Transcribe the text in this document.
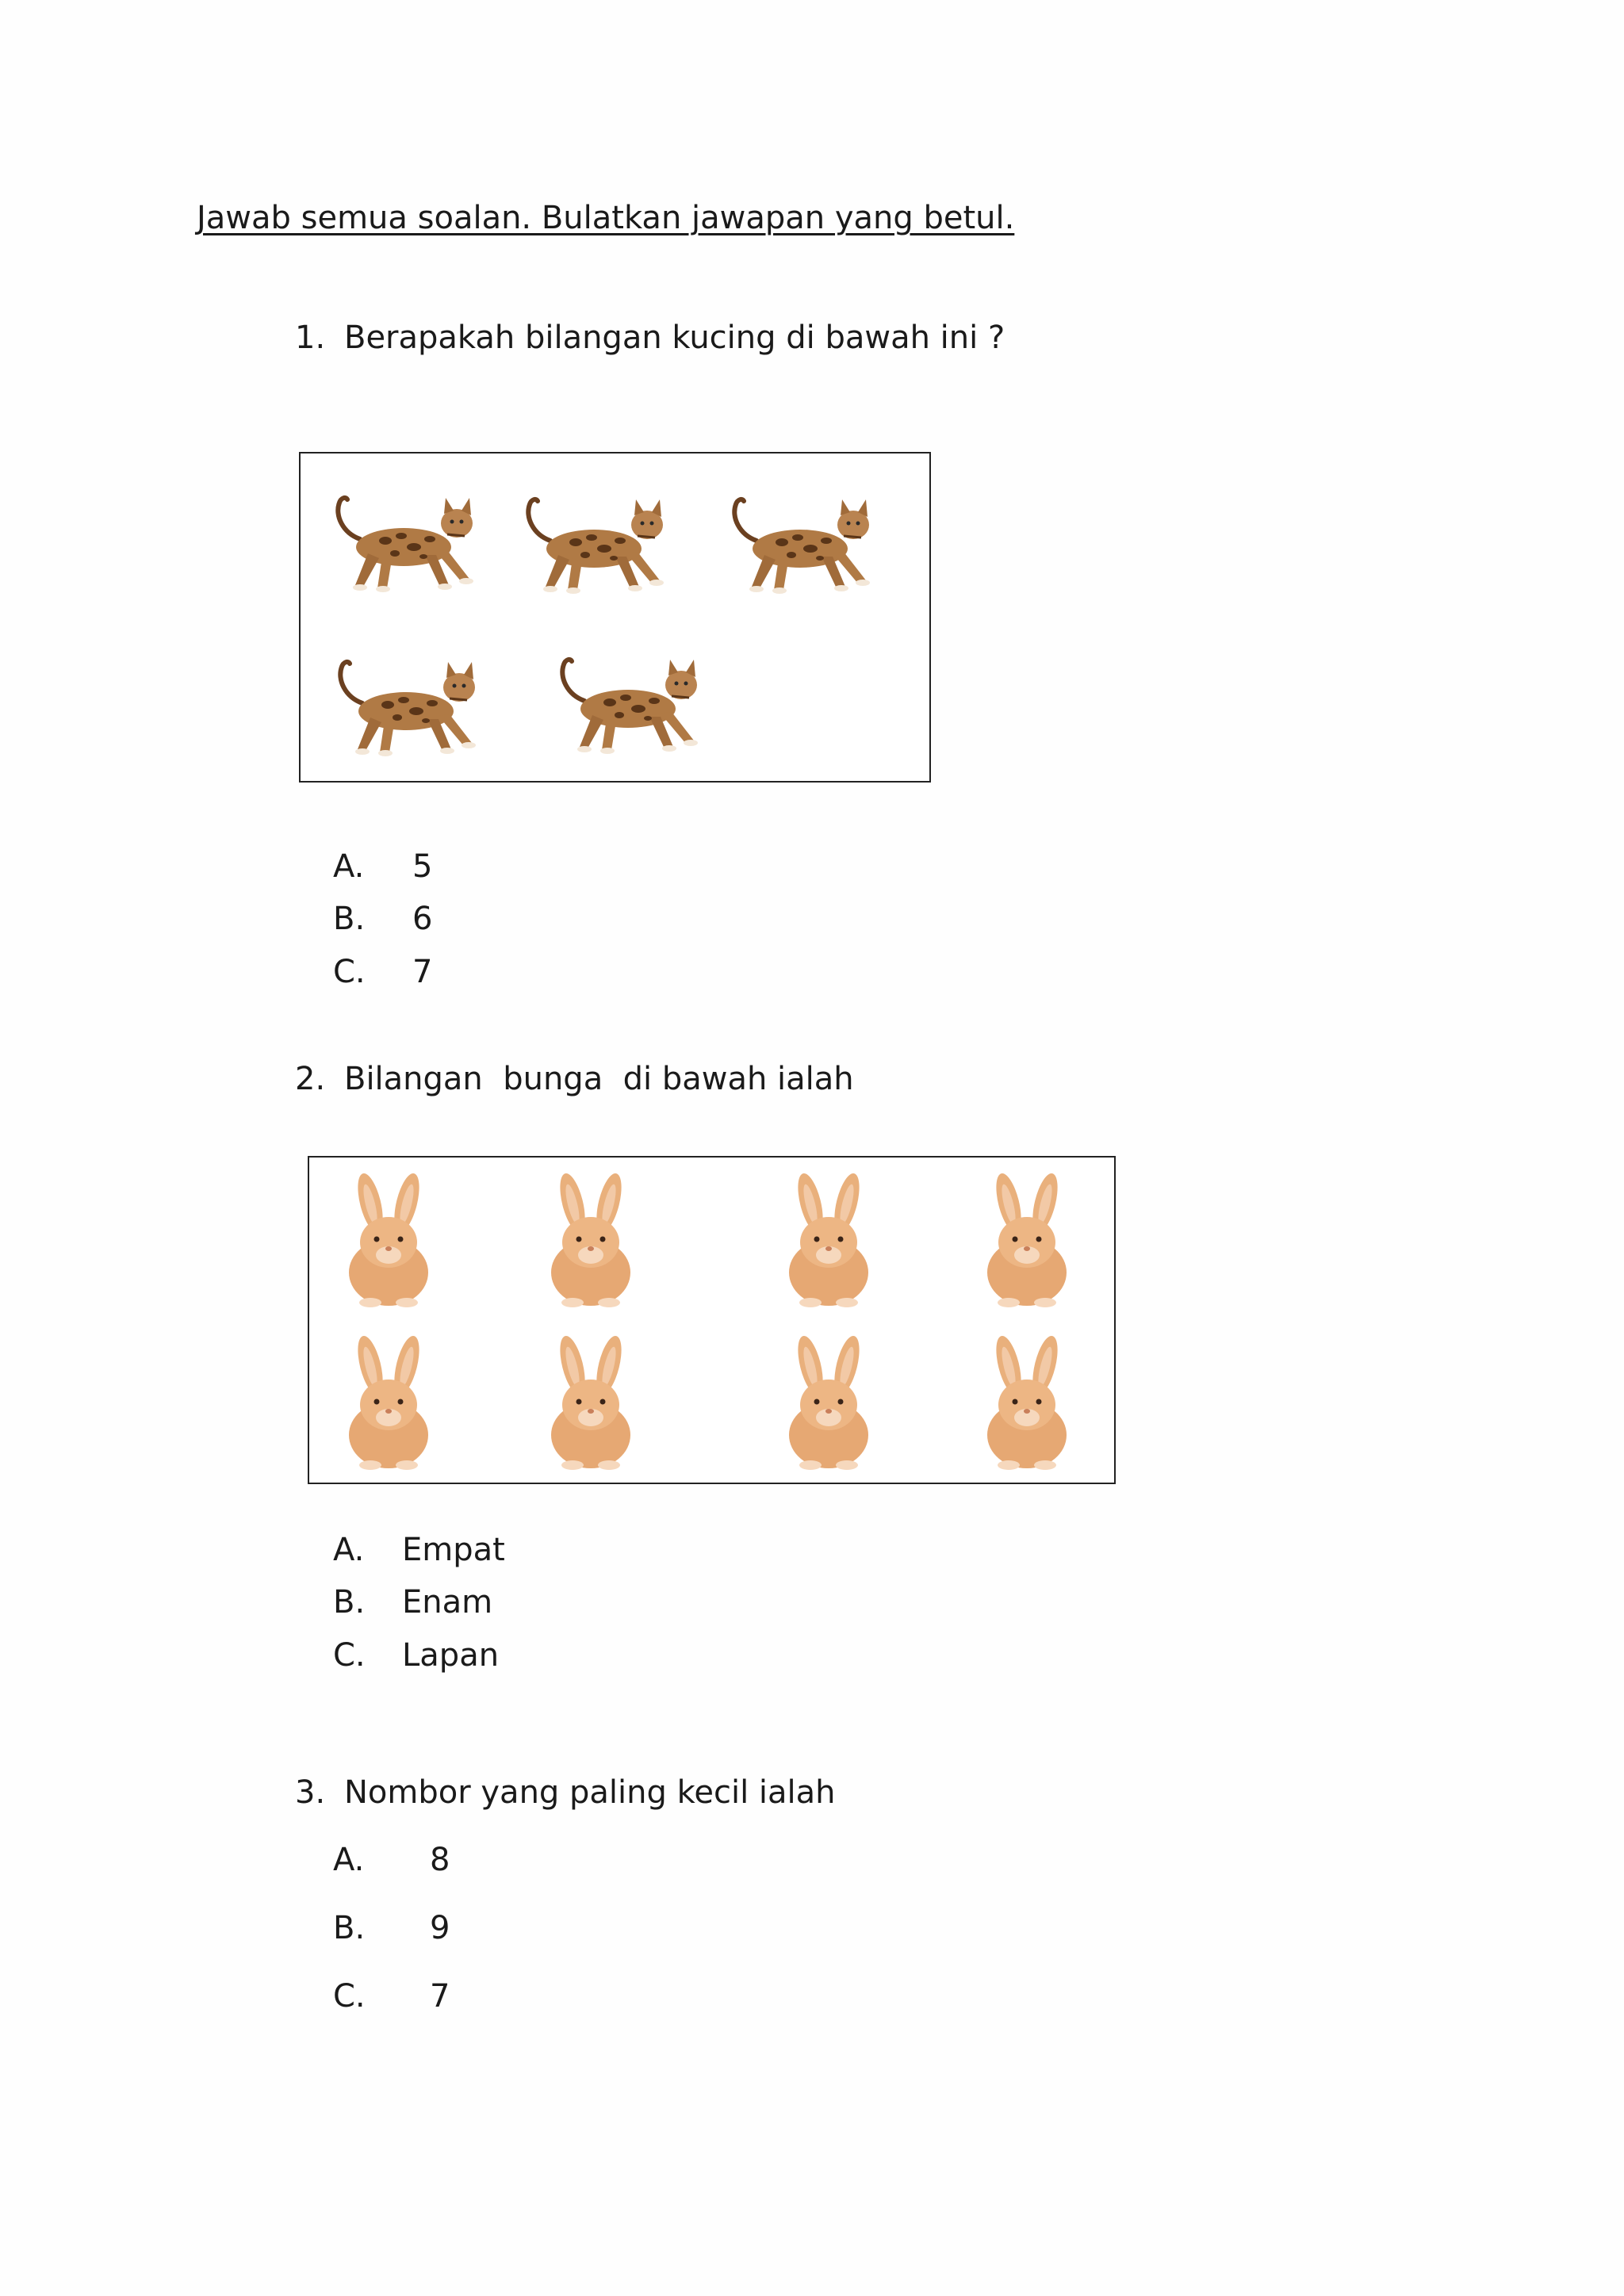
Jawab semua soalan. Bulatkan jawapan yang betul.
1. Berapakah bilangan kucing di bawah ini ?
A. 5
B. 6
C. 7
2. Bilangan  bunga  di bawah ialah
A. Empat
B. Enam
C. Lapan
3. Nombor yang paling kecil ialah
A. 8
B. 9
C. 7
